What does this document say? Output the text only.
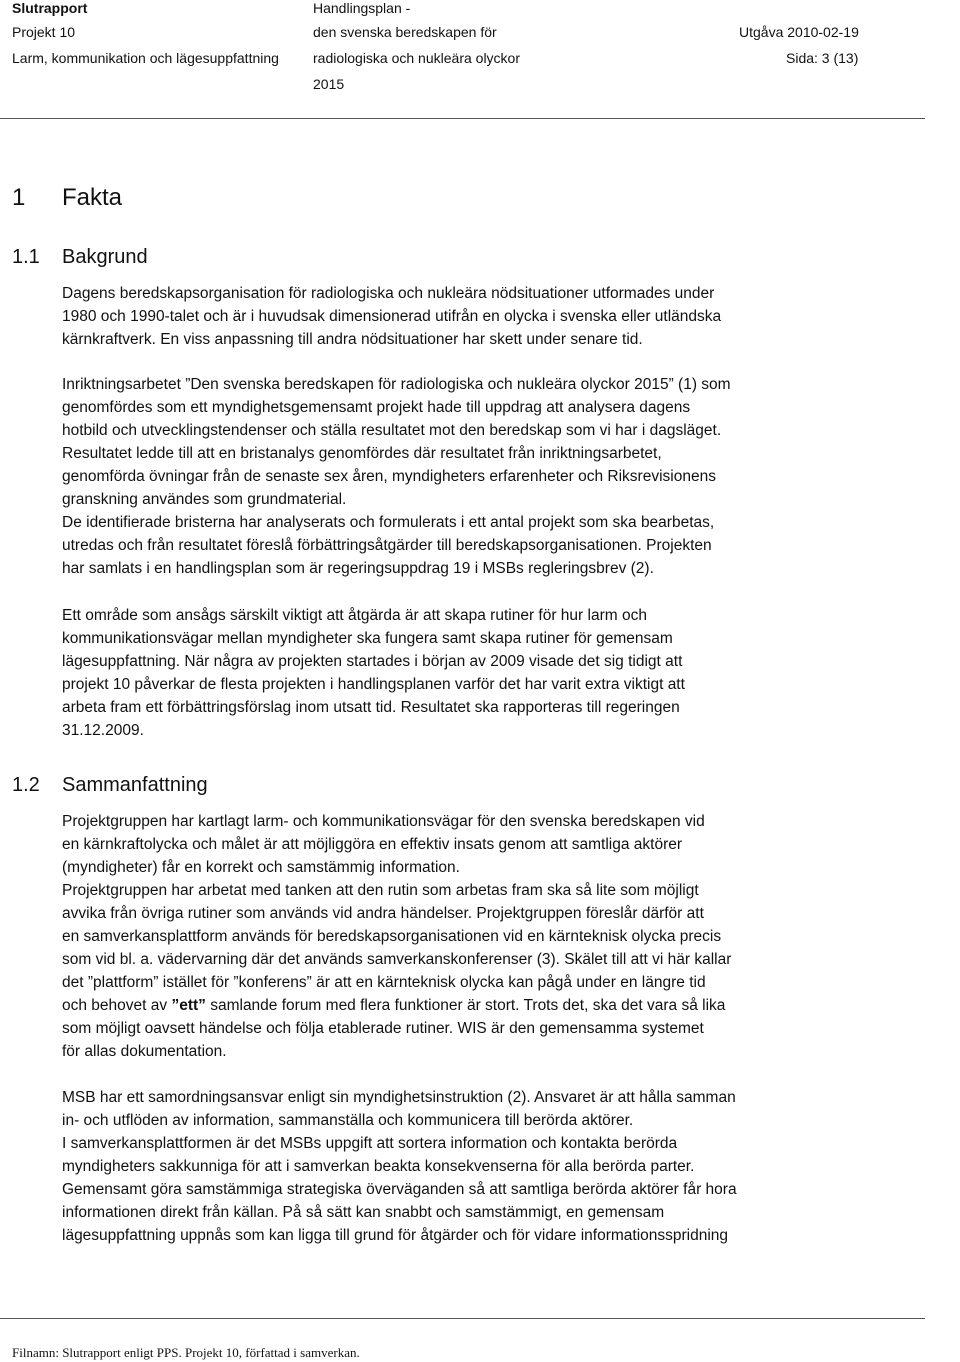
Slutrapport
Projekt 10
Larm, kommunikation och lägesuppfattning
Handlingsplan -
den svenska beredskapen för
radiologiska och nukleära olyckor
2015
Utgåva 2010-02-19
Sida: 3 (13)
1 Fakta
1.1 Bakgrund
Dagens beredskapsorganisation för radiologiska och nukleära nödsituationer utformades under
1980 och 1990-talet och är i huvudsak dimensionerad utifrån en olycka i svenska eller utländska
kärnkraftverk. En viss anpassning till andra nödsituationer har skett under senare tid.
Inriktningsarbetet ”Den svenska beredskapen för radiologiska och nukleära olyckor 2015” (1) som
genomfördes som ett myndighetsgemensamt projekt hade till uppdrag att analysera dagens
hotbild och utvecklingstendenser och ställa resultatet mot den beredskap som vi har i dagsläget.
Resultatet ledde till att en bristanalys genomfördes där resultatet från inriktningsarbetet,
genomförda övningar från de senaste sex åren, myndigheters erfarenheter och Riksrevisionens
granskning användes som grundmaterial.
De identifierade bristerna har analyserats och formulerats i ett antal projekt som ska bearbetas,
utredas och från resultatet föreslå förbättringsåtgärder till beredskapsorganisationen. Projekten
har samlats i en handlingsplan som är regeringsuppdrag 19 i MSBs regleringsbrev (2).
Ett område som ansågs särskilt viktigt att åtgärda är att skapa rutiner för hur larm och
kommunikationsvägar mellan myndigheter ska fungera samt skapa rutiner för gemensam
lägesuppfattning. När några av projekten startades i början av 2009 visade det sig tidigt att
projekt 10 påverkar de flesta projekten i handlingsplanen varför det har varit extra viktigt att
arbeta fram ett förbättringsförslag inom utsatt tid. Resultatet ska rapporteras till regeringen
31.12.2009.
1.2 Sammanfattning
Projektgruppen har kartlagt larm- och kommunikationsvägar för den svenska beredskapen vid
en kärnkraftolycka och målet är att möjliggöra en effektiv insats genom att samtliga aktörer
(myndigheter) får en korrekt och samstämmig information.
Projektgruppen har arbetat med tanken att den rutin som arbetas fram ska så lite som möjligt
avvika från övriga rutiner som används vid andra händelser. Projektgruppen föreslår därför att
en samverkansplattform används för beredskapsorganisationen vid en kärnteknisk olycka precis
som vid bl. a. vädervarning där det används samverkanskonferenser (3). Skälet till att vi här kallar
det ”plattform” istället för ”konferens” är att en kärnteknisk olycka kan pågå under en längre tid
och behovet av ”ett” samlande forum med flera funktioner är stort. Trots det, ska det vara så lika
som möjligt oavsett händelse och följa etablerade rutiner. WIS är den gemensamma systemet
för allas dokumentation.
MSB har ett samordningsansvar enligt sin myndighetsinstruktion (2). Ansvaret är att hålla samman
in- och utflöden av information, sammanställa och kommunicera till berörda aktörer.
I samverkansplattformen är det MSBs uppgift att sortera information och kontakta berörda
myndigheters sakkunniga för att i samverkan beakta konsekvenserna för alla berörda parter.
Gemensamt göra samstämmiga strategiska överväganden så att samtliga berörda aktörer får hora
informationen direkt från källan. På så sätt kan snabbt och samstämmigt, en gemensam
lägesuppfattning uppnås som kan ligga till grund för åtgärder och för vidare informationsspridning
Filnamn: Slutrapport enligt PPS. Projekt 10, författad i samverkan.
